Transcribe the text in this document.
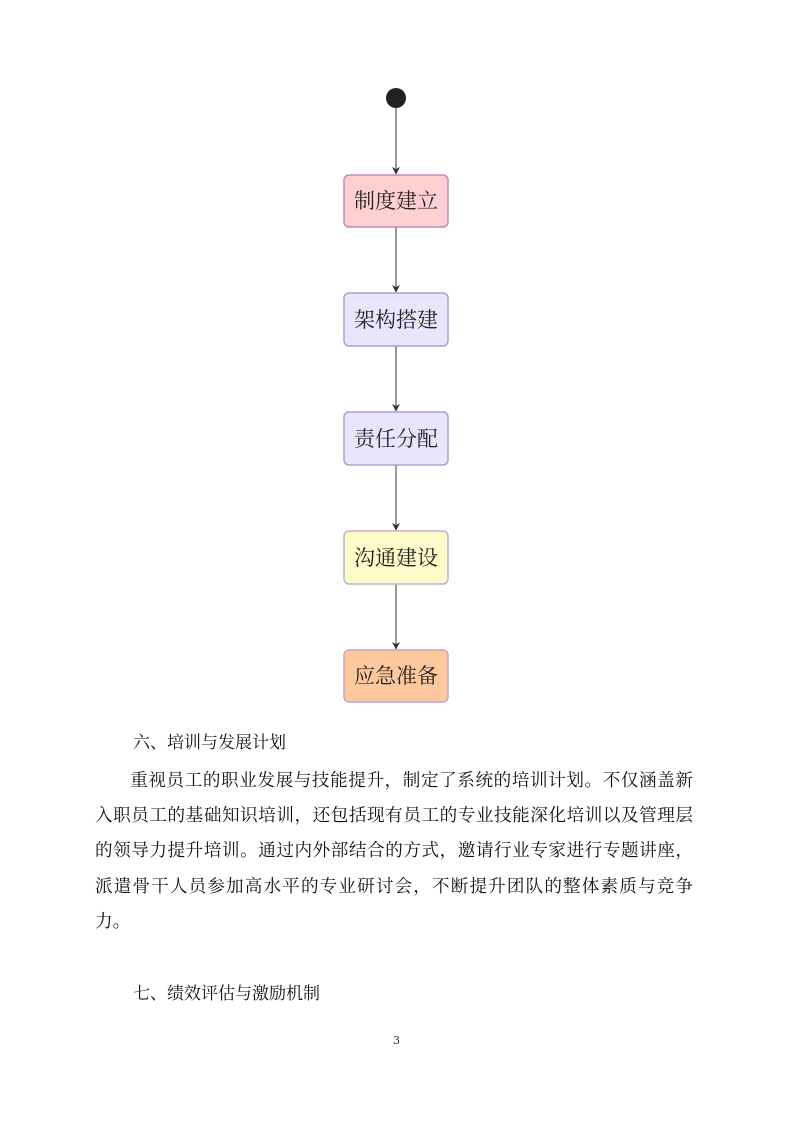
制度建立
架构搭建
责任分配
沟通建设
应急准备

六、培训与发展计划

重视员工的职业发展与技能提升，制定了系统的培训计划。不仅涵盖新入职员工的基础知识培训，还包括现有员工的专业技能深化培训以及管理层的领导力提升培训。通过内外部结合的方式，邀请行业专家进行专题讲座，派遣骨干人员参加高水平的专业研讨会，不断提升团队的整体素质与竞争力。

七、绩效评估与激励机制

3
